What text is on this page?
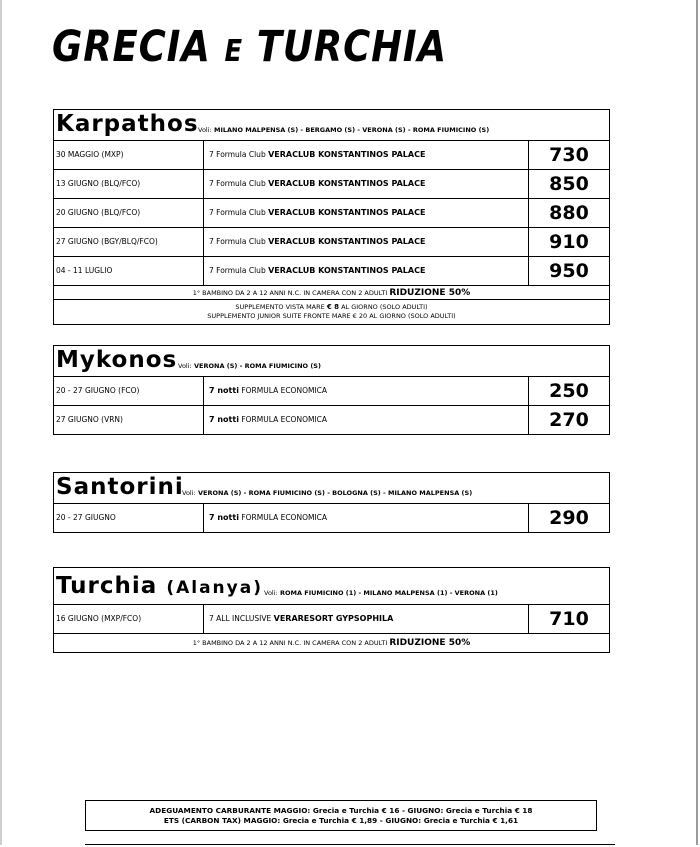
GRECIA E TURCHIA
Karpathos Voli: MILANO MALPENSA (S) - BERGAMO (S) - VERONA (S) - ROMA FIUMICINO (S)
30 MAGGIO (MXP)	7 Formula Club VERACLUB KONSTANTINOS PALACE	730
13 GIUGNO (BLQ/FCO)	7 Formula Club VERACLUB KONSTANTINOS PALACE	850
20 GIUGNO (BLQ/FCO)	7 Formula Club VERACLUB KONSTANTINOS PALACE	880
27 GIUGNO (BGY/BLQ/FCO)	7 Formula Club VERACLUB KONSTANTINOS PALACE	910
04 - 11 LUGLIO	7 Formula Club VERACLUB KONSTANTINOS PALACE	950
1° BAMBINO DA 2 A 12 ANNI N.C. IN CAMERA CON 2 ADULTI RIDUZIONE 50%
SUPPLEMENTO VISTA MARE € 8 AL GIORNO (SOLO ADULTI)
SUPPLEMENTO JUNIOR SUITE FRONTE MARE € 20 AL GIORNO (SOLO ADULTI)
Mykonos Voli: VERONA (S) - ROMA FIUMICINO (S)
20 - 27 GIUGNO (FCO)	7 notti FORMULA ECONOMICA	250
27 GIUGNO (VRN)	7 notti FORMULA ECONOMICA	270
Santorini
Voli: VERONA (S) - ROMA FIUMICINO (S) - BOLOGNA (S) - MILANO MALPENSA (S)
20 - 27 GIUGNO	7 notti FORMULA ECONOMICA	290
Turchia (Alanya) Voli: ROMA FIUMICINO (1) - MILANO MALPENSA (1) - VERONA (1)
16 GIUGNO (MXP/FCO)	7 ALL INCLUSIVE VERARESORT GYPSOPHILA	710
1° BAMBINO DA 2 A 12 ANNI N.C. IN CAMERA CON 2 ADULTI RIDUZIONE 50%
ADEGUAMENTO CARBURANTE MAGGIO: Grecia e Turchia € 16 - GIUGNO: Grecia e Turchia € 18
ETS (CARBON TAX) MAGGIO: Grecia e Turchia € 1,89 - GIUGNO: Grecia e Turchia € 1,61
